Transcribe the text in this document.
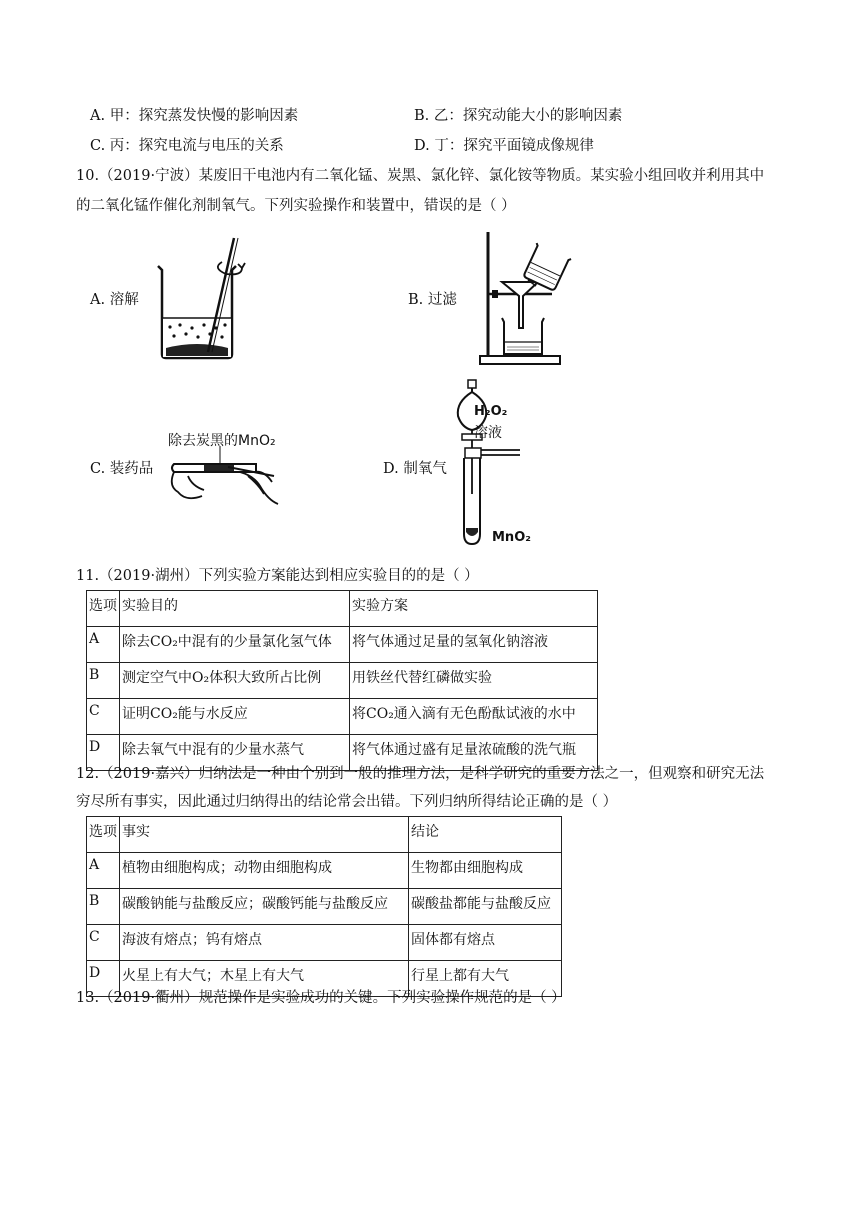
A. 甲：探究蒸发快慢的影响因素	B. 乙：探究动能大小的影响因素
C. 丙：探究电流与电压的关系	D. 丁：探究平面镜成像规律
10.（2019·宁波）某废旧干电池内有二氧化锰、炭黑、氯化锌、氯化铵等物质。某实验小组回收并利用其中
的二氧化锰作催化剂制氧气。下列实验操作和装置中，错误的是（ ）
A. 溶解	B. 过滤
C. 装药品	D. 制氧气
除去炭黑的MnO₂
H₂O₂
溶液
MnO₂
11.（2019·湖州）下列实验方案能达到相应实验目的的是（ ）
选项	实验目的	实验方案
A	除去CO₂中混有的少量氯化氢气体	将气体通过足量的氢氧化钠溶液
B	测定空气中O₂体积大致所占比例	用铁丝代替红磷做实验
C	证明CO₂能与水反应	将CO₂通入滴有无色酚酞试液的水中
D	除去氧气中混有的少量水蒸气	将气体通过盛有足量浓硫酸的洗气瓶
12.（2019·嘉兴）归纳法是一种由个别到一般的推理方法，是科学研究的重要方法之一，但观察和研究无法
穷尽所有事实，因此通过归纳得出的结论常会出错。下列归纳所得结论正确的是（ ）
选项	事实	结论
A	植物由细胞构成；动物由细胞构成	生物都由细胞构成
B	碳酸钠能与盐酸反应；碳酸钙能与盐酸反应	碳酸盐都能与盐酸反应
C	海波有熔点；钨有熔点	固体都有熔点
D	火星上有大气；木星上有大气	行星上都有大气
13.（2019·衢州）规范操作是实验成功的关键。下列实验操作规范的是（ ）
